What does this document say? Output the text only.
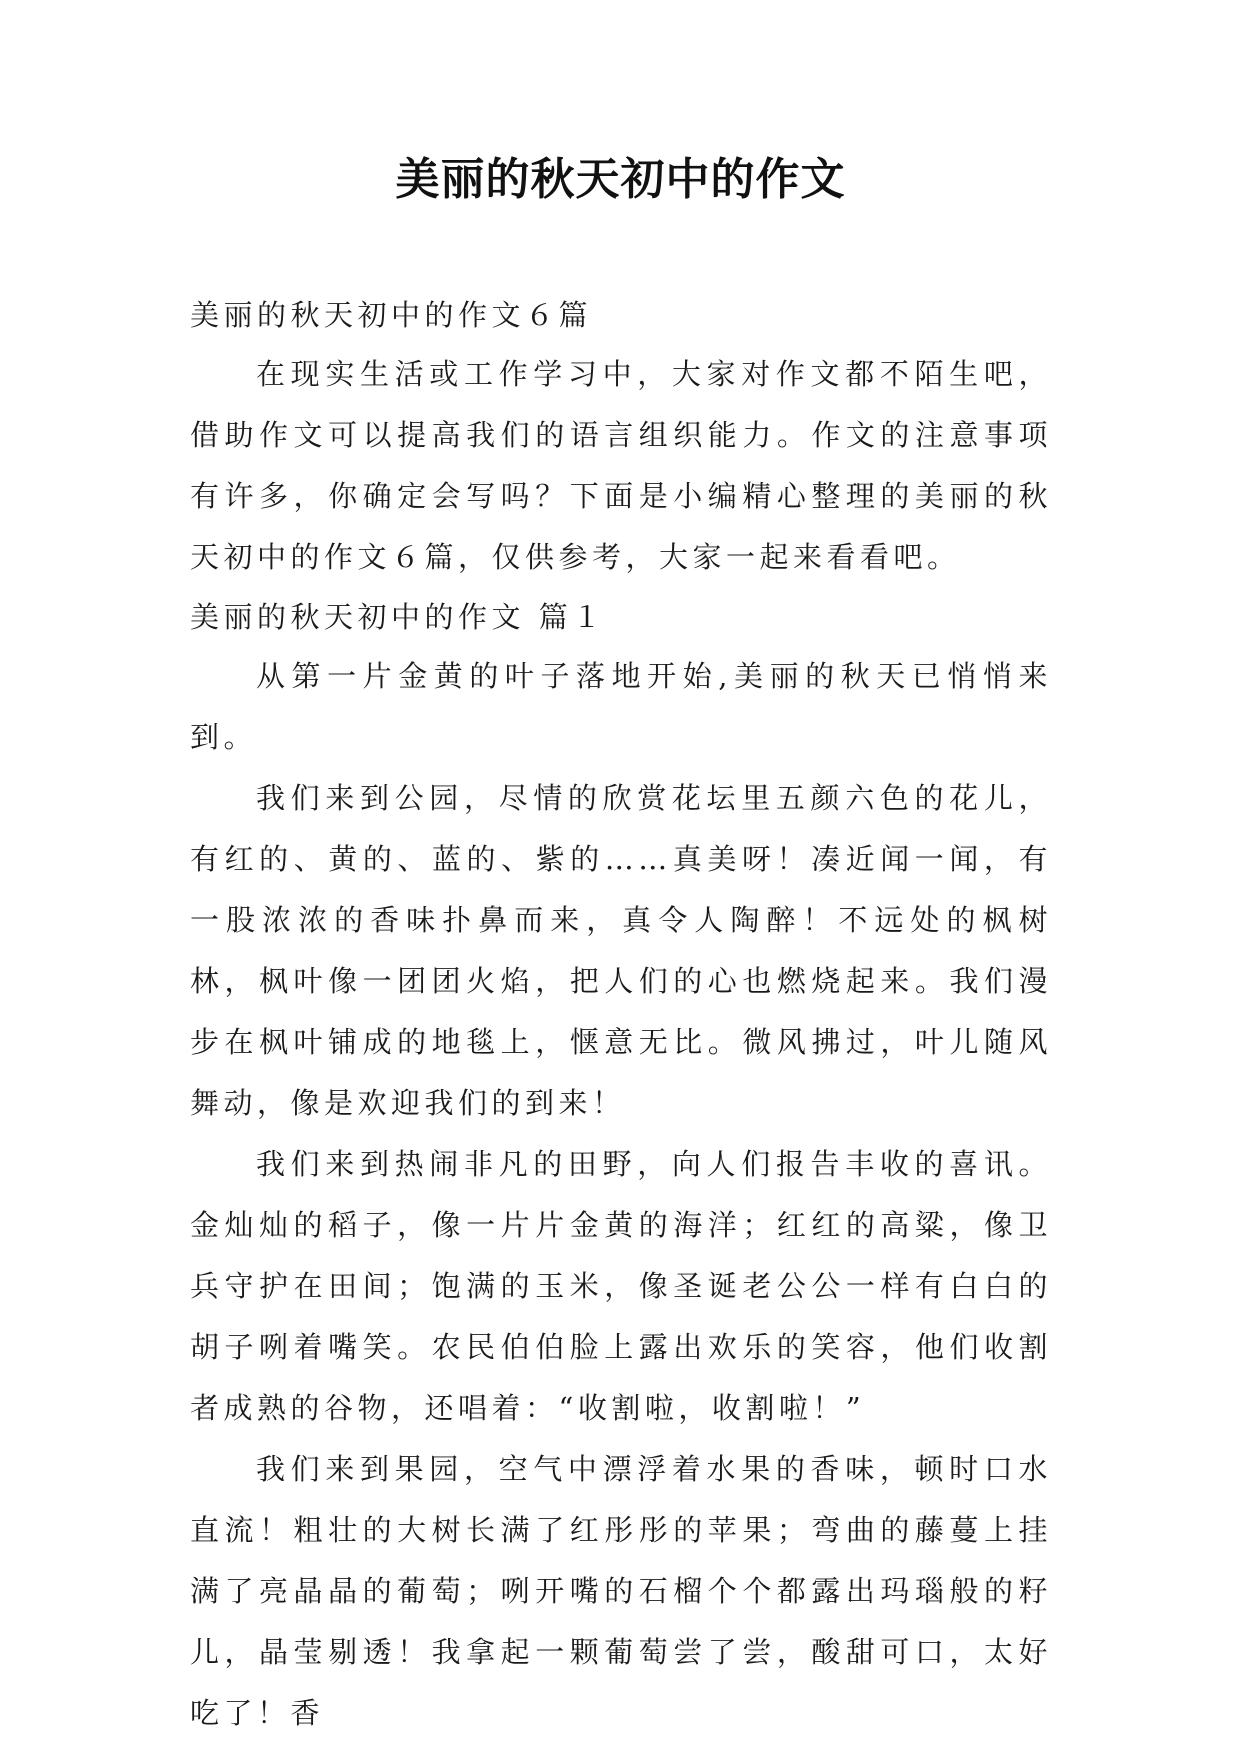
美丽的秋天初中的作文

美丽的秋天初中的作文６篇

在现实生活或工作学习中，大家对作文都不陌生吧，借助作文可以提高我们的语言组织能力。作文的注意事项有许多，你确定会写吗？下面是小编精心整理的美丽的秋天初中的作文６篇，仅供参考，大家一起来看看吧。

美丽的秋天初中的作文 篇１

从第一片金黄的叶子落地开始,美丽的秋天已悄悄来到。

我们来到公园，尽情的欣赏花坛里五颜六色的花儿，有红的、黄的、蓝的、紫的……真美呀！凑近闻一闻，有一股浓浓的香味扑鼻而来，真令人陶醉！不远处的枫树林，枫叶像一团团火焰，把人们的心也燃烧起来。我们漫步在枫叶铺成的地毯上，惬意无比。微风拂过，叶儿随风舞动，像是欢迎我们的到来！

我们来到热闹非凡的田野，向人们报告丰收的喜讯。金灿灿的稻子，像一片片金黄的海洋；红红的高粱，像卫兵守护在田间；饱满的玉米，像圣诞老公公一样有白白的胡子咧着嘴笑。农民伯伯脸上露出欢乐的笑容，他们收割者成熟的谷物，还唱着：“收割啦，收割啦！”

我们来到果园，空气中漂浮着水果的香味，顿时口水直流！粗壮的大树长满了红彤彤的苹果；弯曲的藤蔓上挂满了亮晶晶的葡萄；咧开嘴的石榴个个都露出玛瑙般的籽儿，晶莹剔透！我拿起一颗葡萄尝了尝，酸甜可口，太好吃了！香
